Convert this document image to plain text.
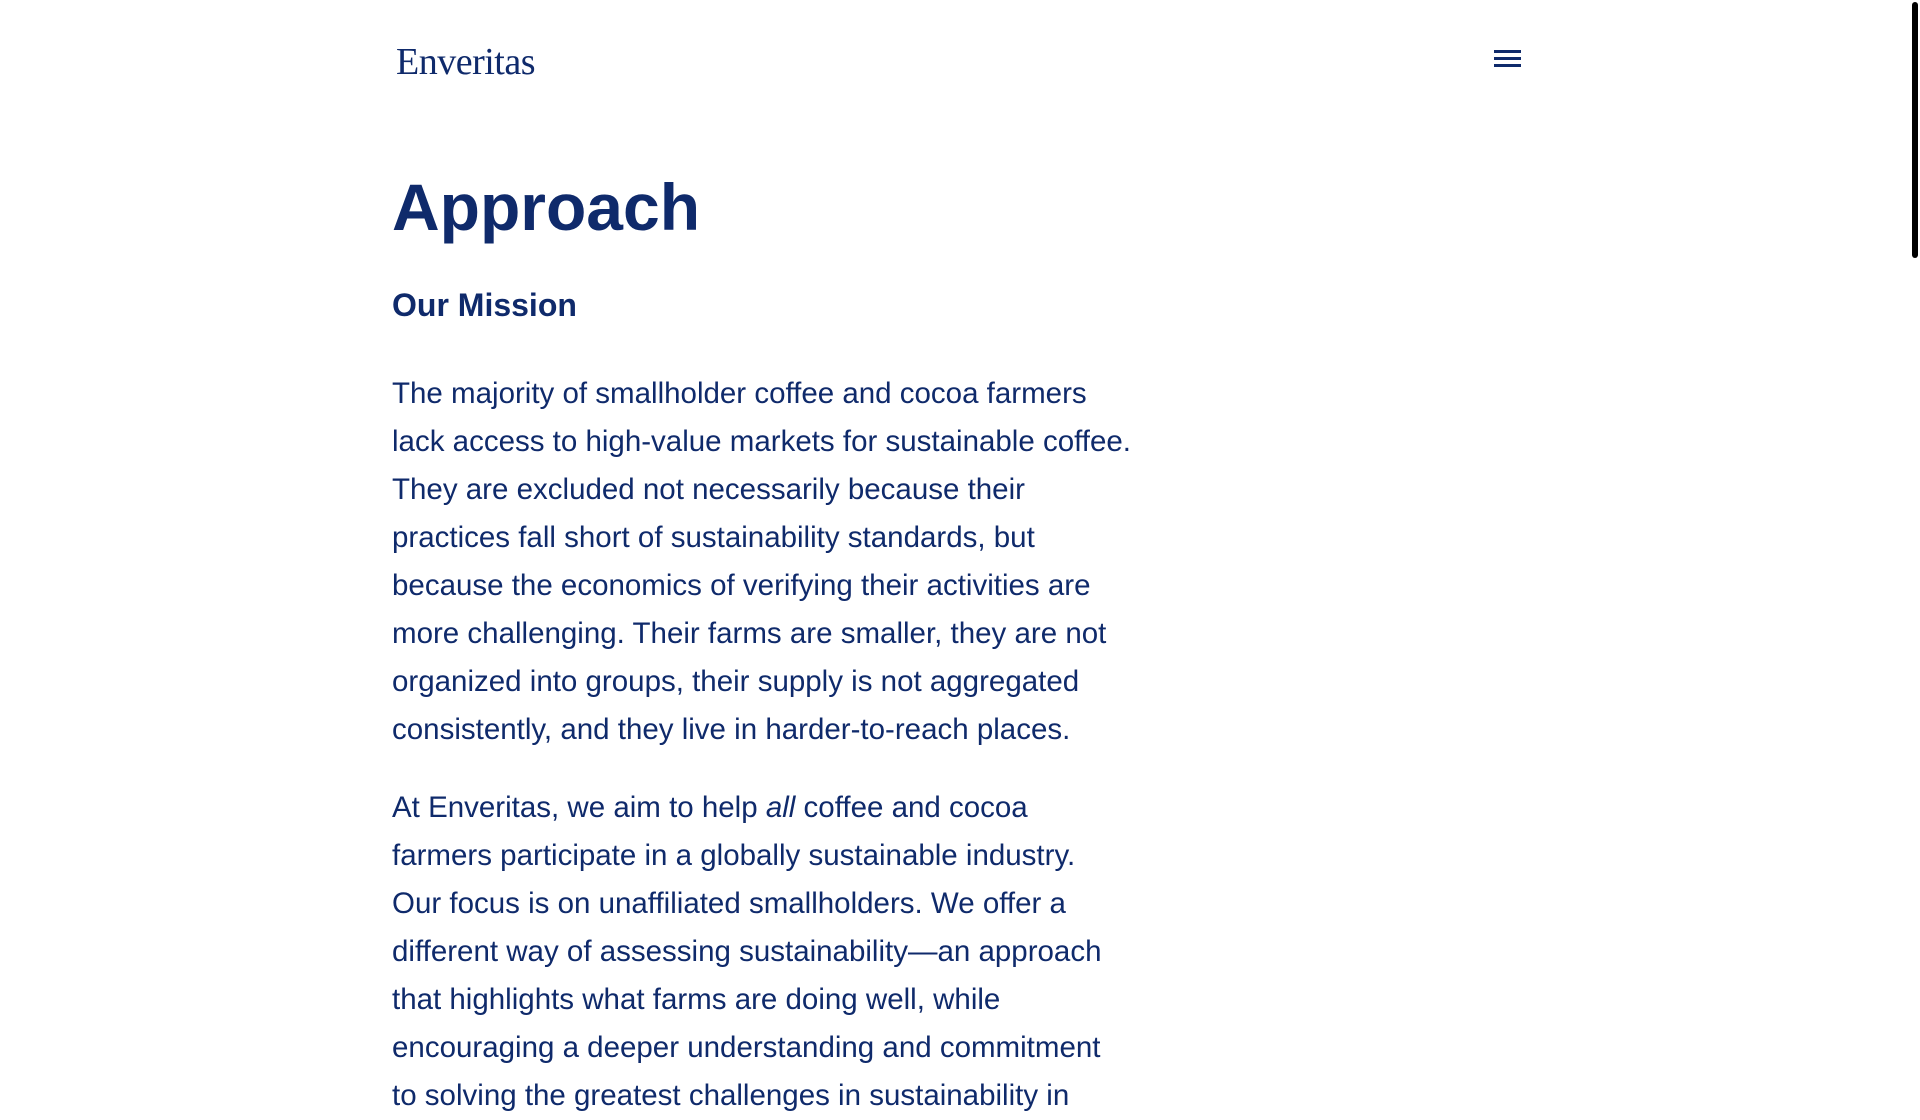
Enveritas
Approach
Our Mission

The majority of smallholder coffee and cocoa farmers lack access to high-value markets for sustainable coffee. They are excluded not necessarily because their practices fall short of sustainability standards, but because the economics of verifying their activities are more challenging. Their farms are smaller, they are not organized into groups, their supply is not aggregated consistently, and they live in harder-to-reach places.

At Enveritas, we aim to help all coffee and cocoa farmers participate in a globally sustainable industry. Our focus is on unaffiliated smallholders. We offer a different way of assessing sustainability—an approach that highlights what farms are doing well, while encouraging a deeper understanding and commitment to solving the greatest challenges in sustainability in
